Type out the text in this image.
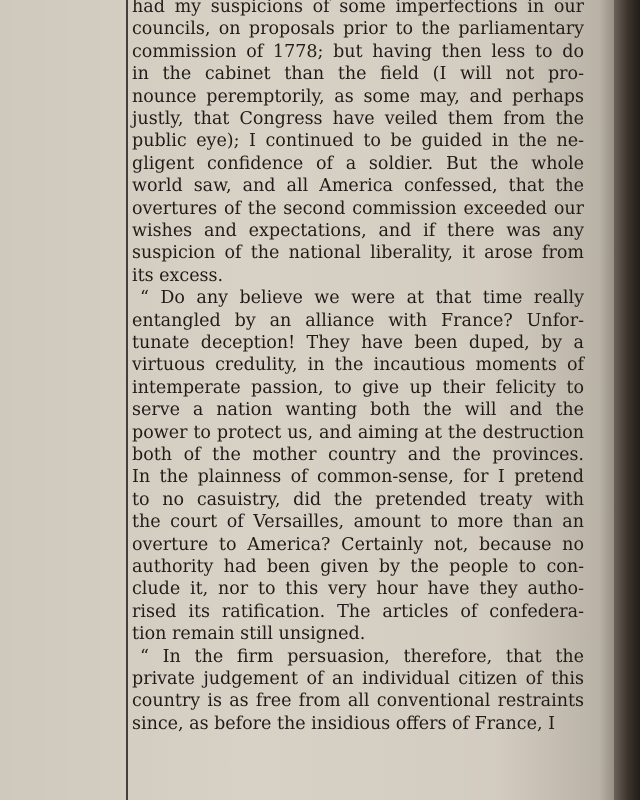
had my suspicions of some imperfections in our
councils, on proposals prior to the parliamentary
commission of 1778; but having then less to do
in the cabinet than the field (I will not pro-
nounce peremptorily, as some may, and perhaps
justly, that Congress have veiled them from the
public eye); I continued to be guided in the ne-
gligent confidence of a soldier. But the whole
world saw, and all America confessed, that the
overtures of the second commission exceeded our
wishes and expectations, and if there was any
suspicion of the national liberality, it arose from
its excess.
“ Do any believe we were at that time really
entangled by an alliance with France? Unfor-
tunate deception! They have been duped, by a
virtuous credulity, in the incautious moments of
intemperate passion, to give up their felicity to
serve a nation wanting both the will and the
power to protect us, and aiming at the destruction
both of the mother country and the provinces.
In the plainness of common-sense, for I pretend
to no casuistry, did the pretended treaty with
the court of Versailles, amount to more than an
overture to America? Certainly not, because no
authority had been given by the people to con-
clude it, nor to this very hour have they autho-
rised its ratification. The articles of confedera-
tion remain still unsigned.
“ In the firm persuasion, therefore, that the
private judgement of an individual citizen of this
country is as free from all conventional restraints
since, as before the insidious offers of France, I
